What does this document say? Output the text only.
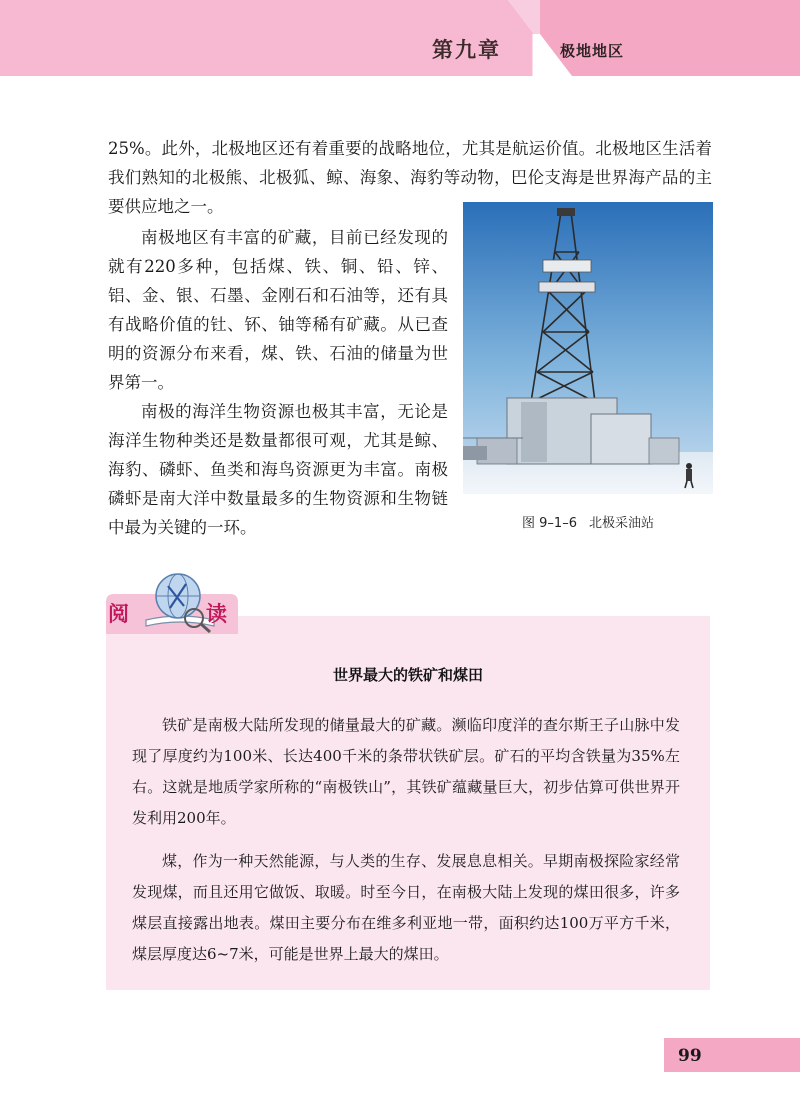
第九章	极地地区

25%。此外，北极地区还有着重要的战略地位，尤其是航运价值。北极地区生活着我们熟知的北极熊、北极狐、鲸、海象、海豹等动物，巴伦支海是世界海产品的主要供应地之一。

南极地区有丰富的矿藏，目前已经发现的就有220多种，包括煤、铁、铜、铅、锌、铝、金、银、石墨、金刚石和石油等，还有具有战略价值的钍、钚、铀等稀有矿藏。从已查明的资源分布来看，煤、铁、石油的储量为世界第一。

南极的海洋生物资源也极其丰富，无论是海洋生物种类还是数量都很可观，尤其是鲸、海豹、磷虾、鱼类和海鸟资源更为丰富。南极磷虾是南大洋中数量最多的生物资源和生物链中最为关键的一环。	图 9–1–6 北极采油站
阅	读
世界最大的铁矿和煤田

铁矿是南极大陆所发现的储量最大的矿藏。濒临印度洋的查尔斯王子山脉中发现了厚度约为100米、长达400千米的条带状铁矿层。矿石的平均含铁量为35%左右。这就是地质学家所称的“南极铁山”，其铁矿蕴藏量巨大，初步估算可供世界开发利用200年。

煤，作为一种天然能源，与人类的生存、发展息息相关。早期南极探险家经常发现煤，而且还用它做饭、取暖。时至今日，在南极大陆上发现的煤田很多，许多煤层直接露出地表。煤田主要分布在维多利亚地一带，面积约达100万平方千米，煤层厚度达6~7米，可能是世界上最大的煤田。

99
